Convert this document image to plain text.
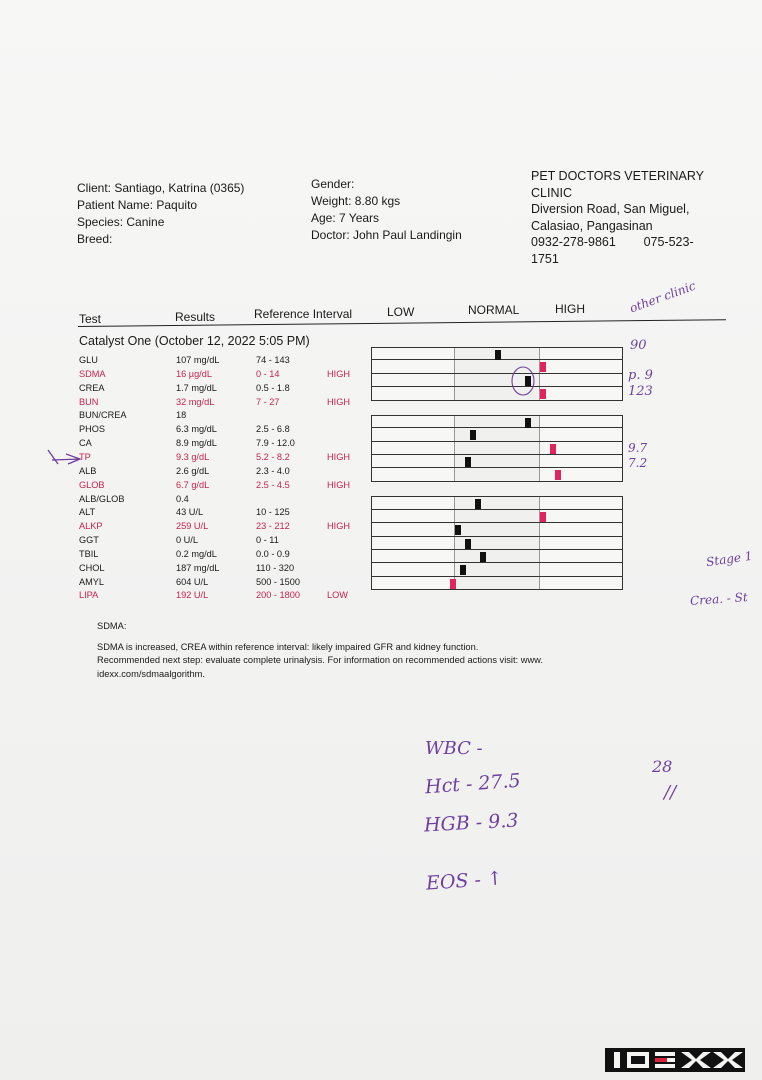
Client: Santiago, Katrina (0365)
Patient Name: Paquito
Species: Canine
Breed:
Gender:
Weight: 8.80 kgs
Age: 7 Years
Doctor: John Paul Landingin
PET DOCTORS VETERINARY CLINIC
Diversion Road, San Miguel, Calasiao, Pangasinan
0932-278-9861        075-523-1751
Test	Results	Reference Interval	LOW	NORMAL	HIGH
Catalyst One (October 12, 2022 5:05 PM)
GLU	107 mg/dL	74 - 143
SDMA	16 µg/dL	0 - 14	HIGH
CREA	1.7 mg/dL	0.5 - 1.8
BUN	32 mg/dL	7 - 27	HIGH
BUN/CREA	18
PHOS	6.3 mg/dL	2.5 - 6.8
CA	8.9 mg/dL	7.9 - 12.0
TP	9.3 g/dL	5.2 - 8.2	HIGH
ALB	2.6 g/dL	2.3 - 4.0
GLOB	6.7 g/dL	2.5 - 4.5	HIGH
ALB/GLOB	0.4
ALT	43 U/L	10 - 125
ALKP	259 U/L	23 - 212	HIGH
GGT	0 U/L	0 - 11
TBIL	0.2 mg/dL	0.0 - 0.9
CHOL	187 mg/dL	110 - 320
AMYL	604 U/L	500 - 1500
LIPA	192 U/L	200 - 1800	LOW
SDMA:
SDMA is increased, CREA within reference interval: likely impaired GFR and kidney function.
Recommended next step: evaluate complete urinalysis. For information on recommended actions visit: www.
idexx.com/sdmaalgorithm.
other clinic
90
p. 9
123
9.7
7.2
Stage 1
Crea. - St
WBC -
Hct - 27.5
HGB - 9.3
EOS - ↑
28
//
